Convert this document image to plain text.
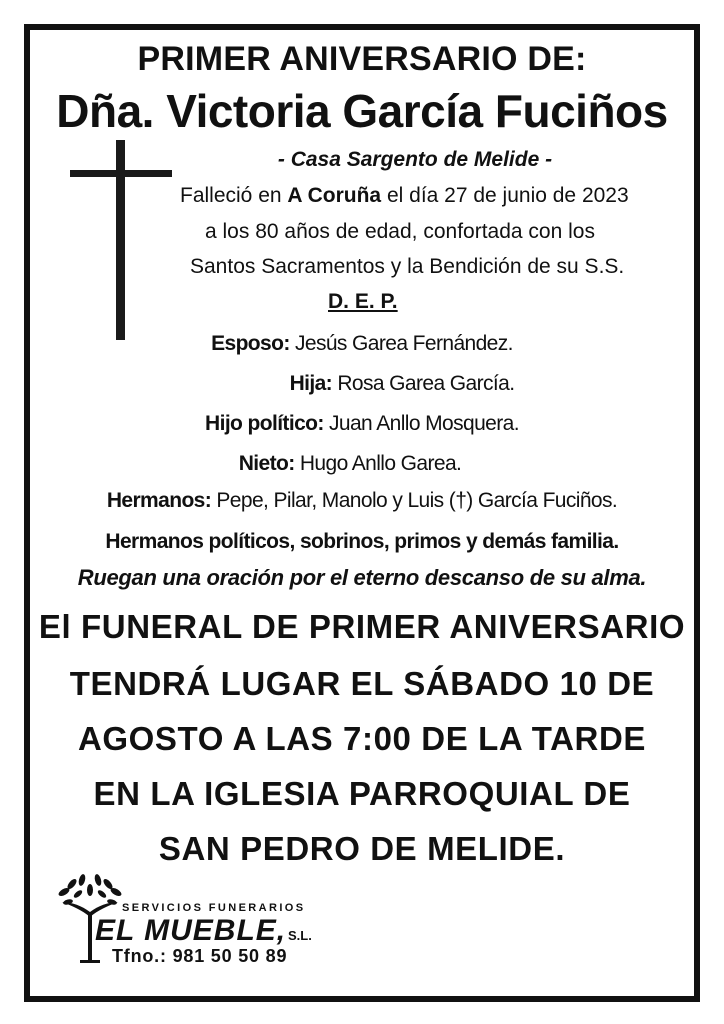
PRIMER ANIVERSARIO DE:
Dña. Victoria García Fuciños
- Casa Sargento de Melide -
Falleció en A Coruña el día 27 de junio de 2023
a los 80 años de edad, confortada con los
Santos Sacramentos y la Bendición de su S.S.
D. E. P.
Esposo: Jesús Garea Fernández.
Hija: Rosa Garea García.
Hijo político: Juan Anllo Mosquera.
Nieto: Hugo Anllo Garea.
Hermanos: Pepe, Pilar, Manolo y Luis (†) García Fuciños.
Hermanos políticos, sobrinos, primos y demás familia.
Ruegan una oración por el eterno descanso de su alma.
El FUNERAL DE PRIMER ANIVERSARIO
TENDRÁ LUGAR EL SÁBADO 10 DE
AGOSTO A LAS 7:00 DE LA TARDE
EN LA IGLESIA PARROQUIAL DE
SAN PEDRO DE MELIDE.
SERVICIOS FUNERARIOS
EL MUEBLE, S.L.
Tfno.: 981 50 50 89
